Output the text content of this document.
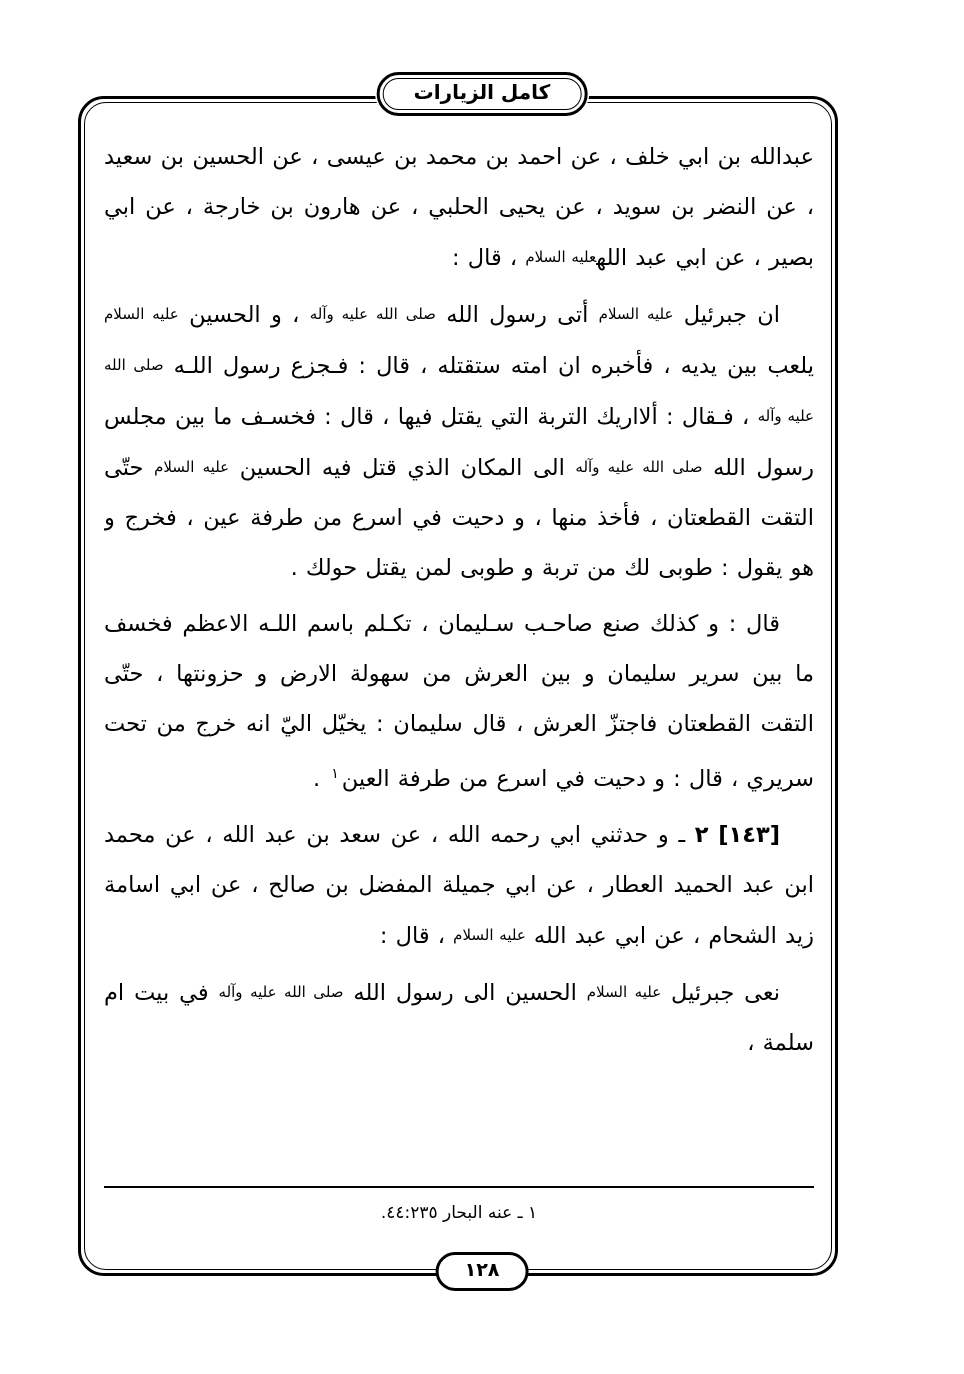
كامل الزيارات

عبدالله بن ابي خلف ، عن احمد بن محمد بن عيسى ، عن الحسين بن سعيد ، عن النضر بن سويد ، عن يحيى الحلبي ، عن هارون بن خارجة ، عن ابي بصير ، عن ابي عبد اللهعليه السلام ، قال :

ان جبرئيل عليه السلام أتى رسول الله صلى الله عليه وآله ، و الحسين عليه السلام يلعب بين يديه ، فأخبره ان امته ستقتله ، قال : فـجزع رسول اللـه صلى الله عليه وآله ، فـقال : ألااريك التربة التي يقتل فيها ، قال : فخسـف ما بين مجلس رسول الله صلى الله عليه وآله الى المكان الذي قتل فيه الحسين عليه السلام حتّى التقت القطعتان ، فأخذ منها ، و دحيت في اسرع من طرفة عين ، فخرج و هو يقول : طوبى لك من تربة و طوبى لمن يقتل حولك .

قال : و كذلك صنع صاحـب سـليمان ، تكـلم باسم اللـه الاعظم فخسف ما بين سرير سليمان و بين العرش من سهولة الارض و حزونتها ، حتّى التقت القطعتان فاجتزّ العرش ، قال سليمان : يخيّل اليّ انه خرج من تحت سريري ، قال : و دحيت في اسرع من طرفة العين$^١$ .

[١٤٣] ٢ ـ و حدثني ابي رحمه الله ، عن سعد بن عبد الله ، عن محمد ابن عبد الحميد العطار ، عن ابي جميلة المفضل بن صالح ، عن ابي اسامة زيد الشحام ، عن ابي عبد الله عليه السلام ، قال :

نعى جبرئيل عليه السلام الحسين الى رسول الله صلى الله عليه وآله في بيت ام سلمة ،

١ ـ عنه البحار ٤٤:٢٣٥.
١٢٨
